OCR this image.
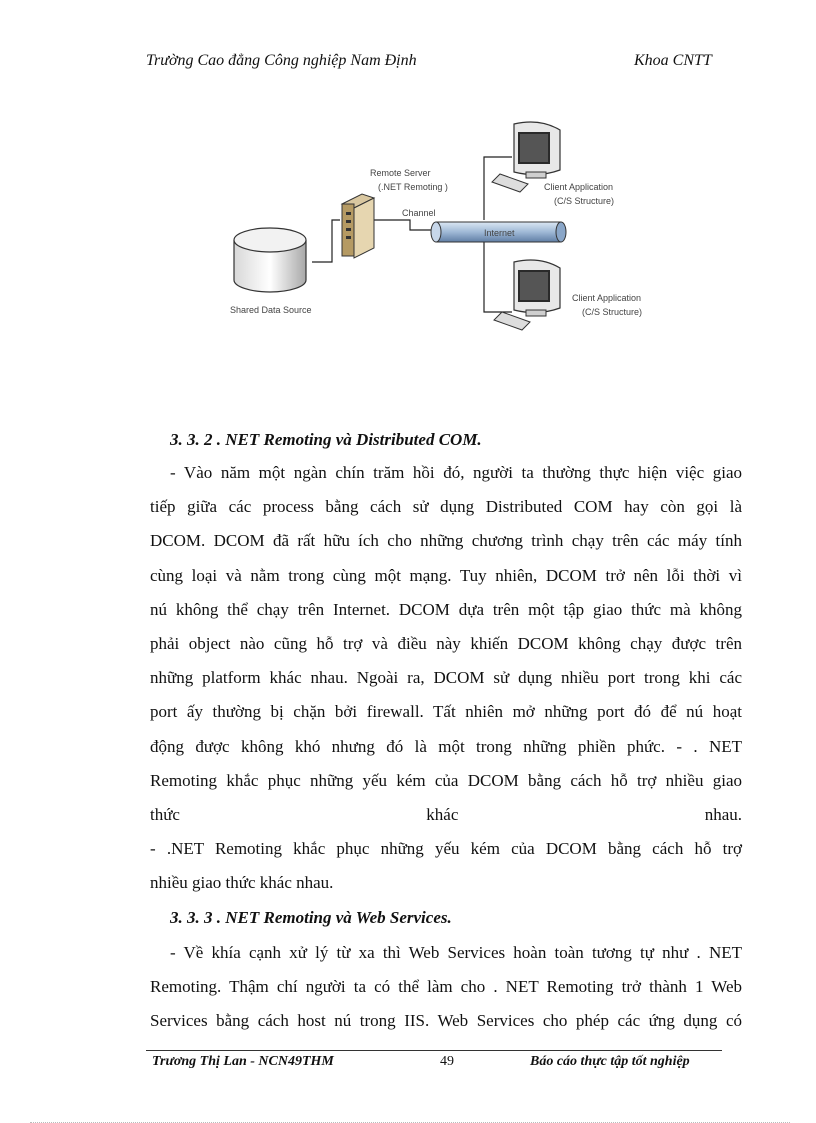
Trường Cao đẳng Công nghiệp Nam Định	Khoa CNTT
Shared Data Source
Remote Server
(.NET Remoting )
Channel
Internet
Client Application
(C/S Structure)
Client Application
(C/S Structure)
3. 3. 2 . NET Remoting và Distributed COM.
- Vào năm một ngàn chín trăm hồi đó, người ta thường thực hiện việc giao
tiếp giữa các process bằng cách sử dụng Distributed COM hay còn gọi là
DCOM. DCOM đã rất hữu ích cho những chương trình chạy trên các máy tính
cùng loại và nằm trong cùng một mạng. Tuy nhiên, DCOM trở nên lỗi thời vì
nú không thể chạy trên Internet. DCOM dựa trên một tập giao thức mà không
phải object nào cũng hỗ trợ và điều này khiến DCOM không chạy được trên
những platform khác nhau. Ngoài ra, DCOM sử dụng nhiều port trong khi các
port ấy thường bị chặn bởi firewall. Tất nhiên mở những port đó để nú hoạt
động được không khó nhưng đó là một trong những phiền phức. - . NET
Remoting khắc phục những yếu kém của DCOM bằng cách hỗ trợ nhiều giao
thức khác nhau.
- .NET Remoting khắc phục những yếu kém của DCOM bằng cách hỗ trợ
nhiều giao thức khác nhau.
3. 3. 3 . NET Remoting và Web Services.
- Về khía cạnh xử lý từ xa thì Web Services hoàn toàn tương tự như . NET
Remoting. Thậm chí người ta có thể làm cho . NET Remoting trở thành 1 Web
Services bằng cách host nú trong IIS. Web Services cho phép các ứng dụng có
Trương Thị Lan - NCN49THM	49	Báo cáo thực tập tốt nghiệp
